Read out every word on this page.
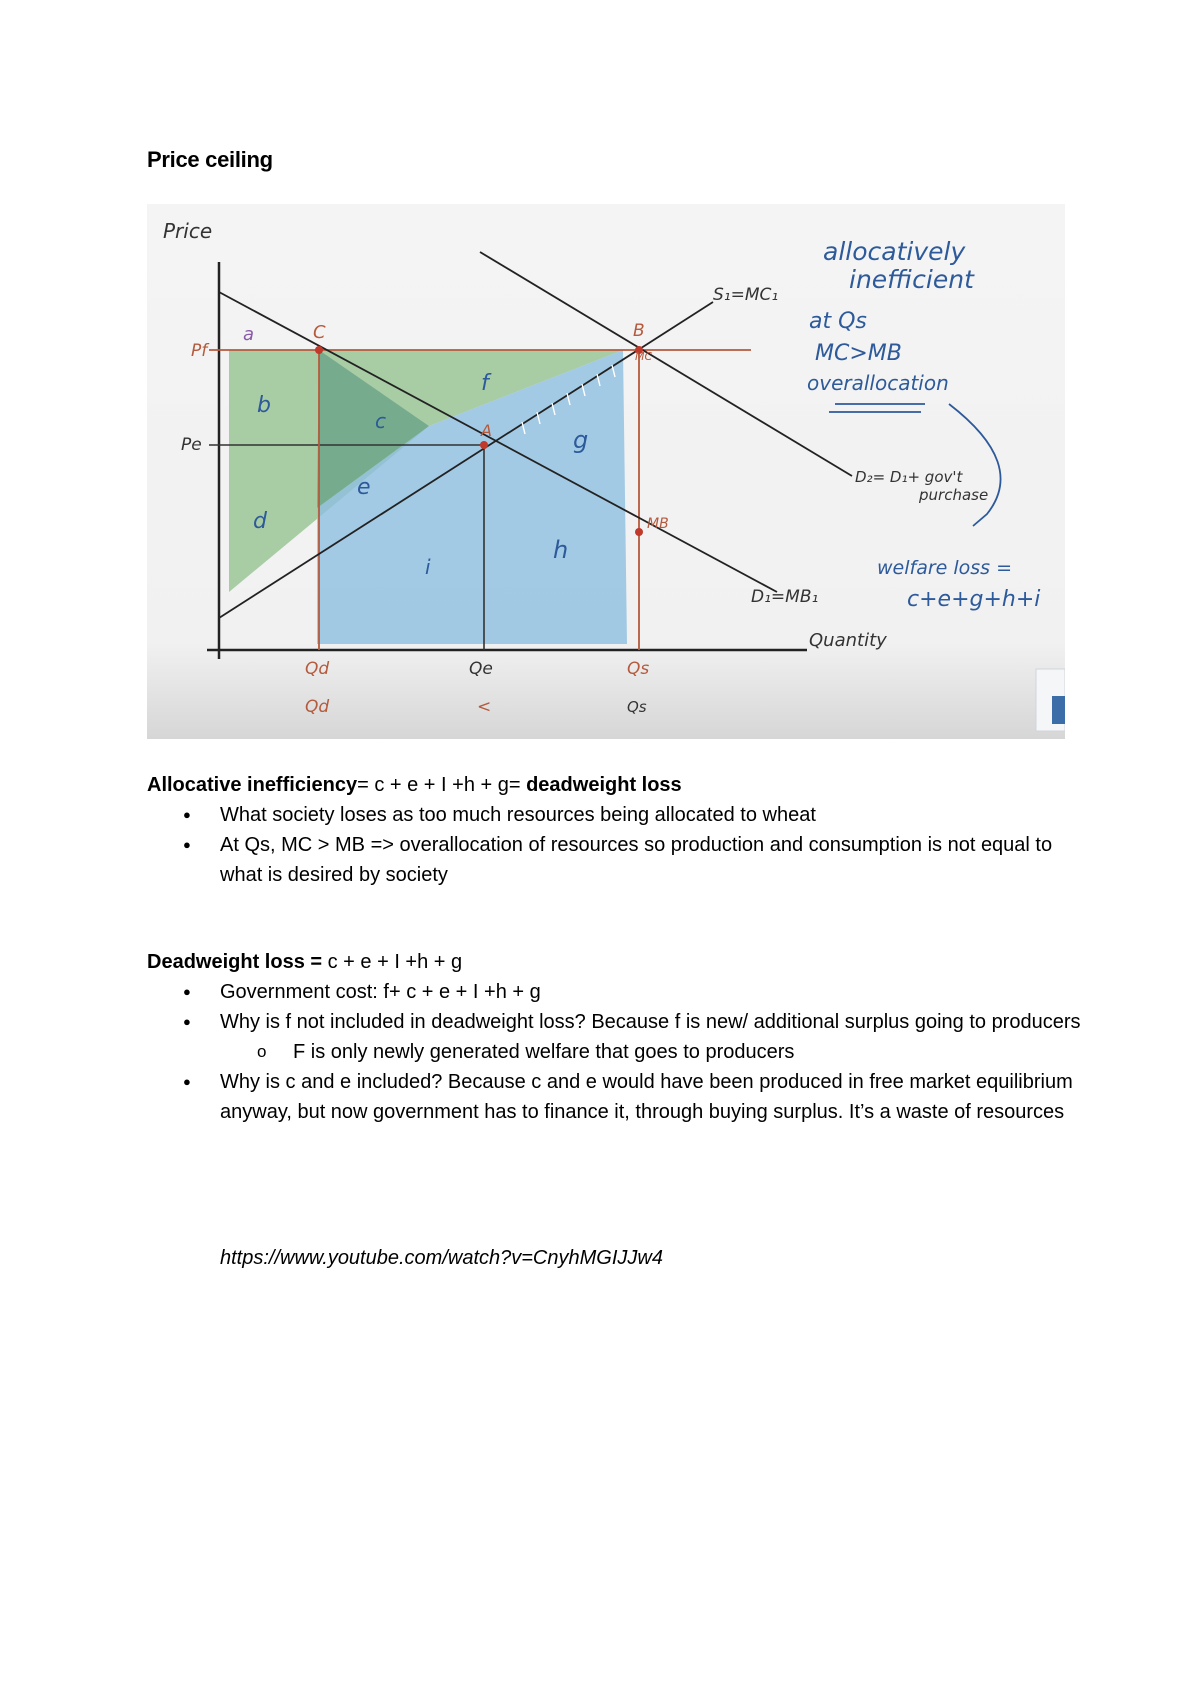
Price ceiling
Price
Quantity
Pf
Pe
C
A
B
MC
MB
S₁=MC₁
D₂= D₁+ gov't
purchase
D₁=MB₁
a
b
c
d
e
f
g
h
i
Qd	Qe	Qs
Qd	<	Qs
allocatively
inefficient
at Qs
MC>MB
overallocation
welfare loss =
c+e+g+h+i
Allocative inefficiency= c + e + I +h + g= deadweight loss
● What society loses as too much resources being allocated to wheat
● At Qs, MC > MB => overallocation of resources so production and consumption is not equal to what is desired by society
Deadweight loss = c + e + I +h + g
● Government cost: f+ c + e + I +h + g
● Why is f not included in deadweight loss? Because f is new/ additional surplus going to producers
o F is only newly generated welfare that goes to producers
● Why is c and e included? Because c and e would have been produced in free market equilibrium anyway, but now government has to finance it, through buying surplus. It’s a waste of resources
https://www.youtube.com/watch?v=CnyhMGIJJw4
